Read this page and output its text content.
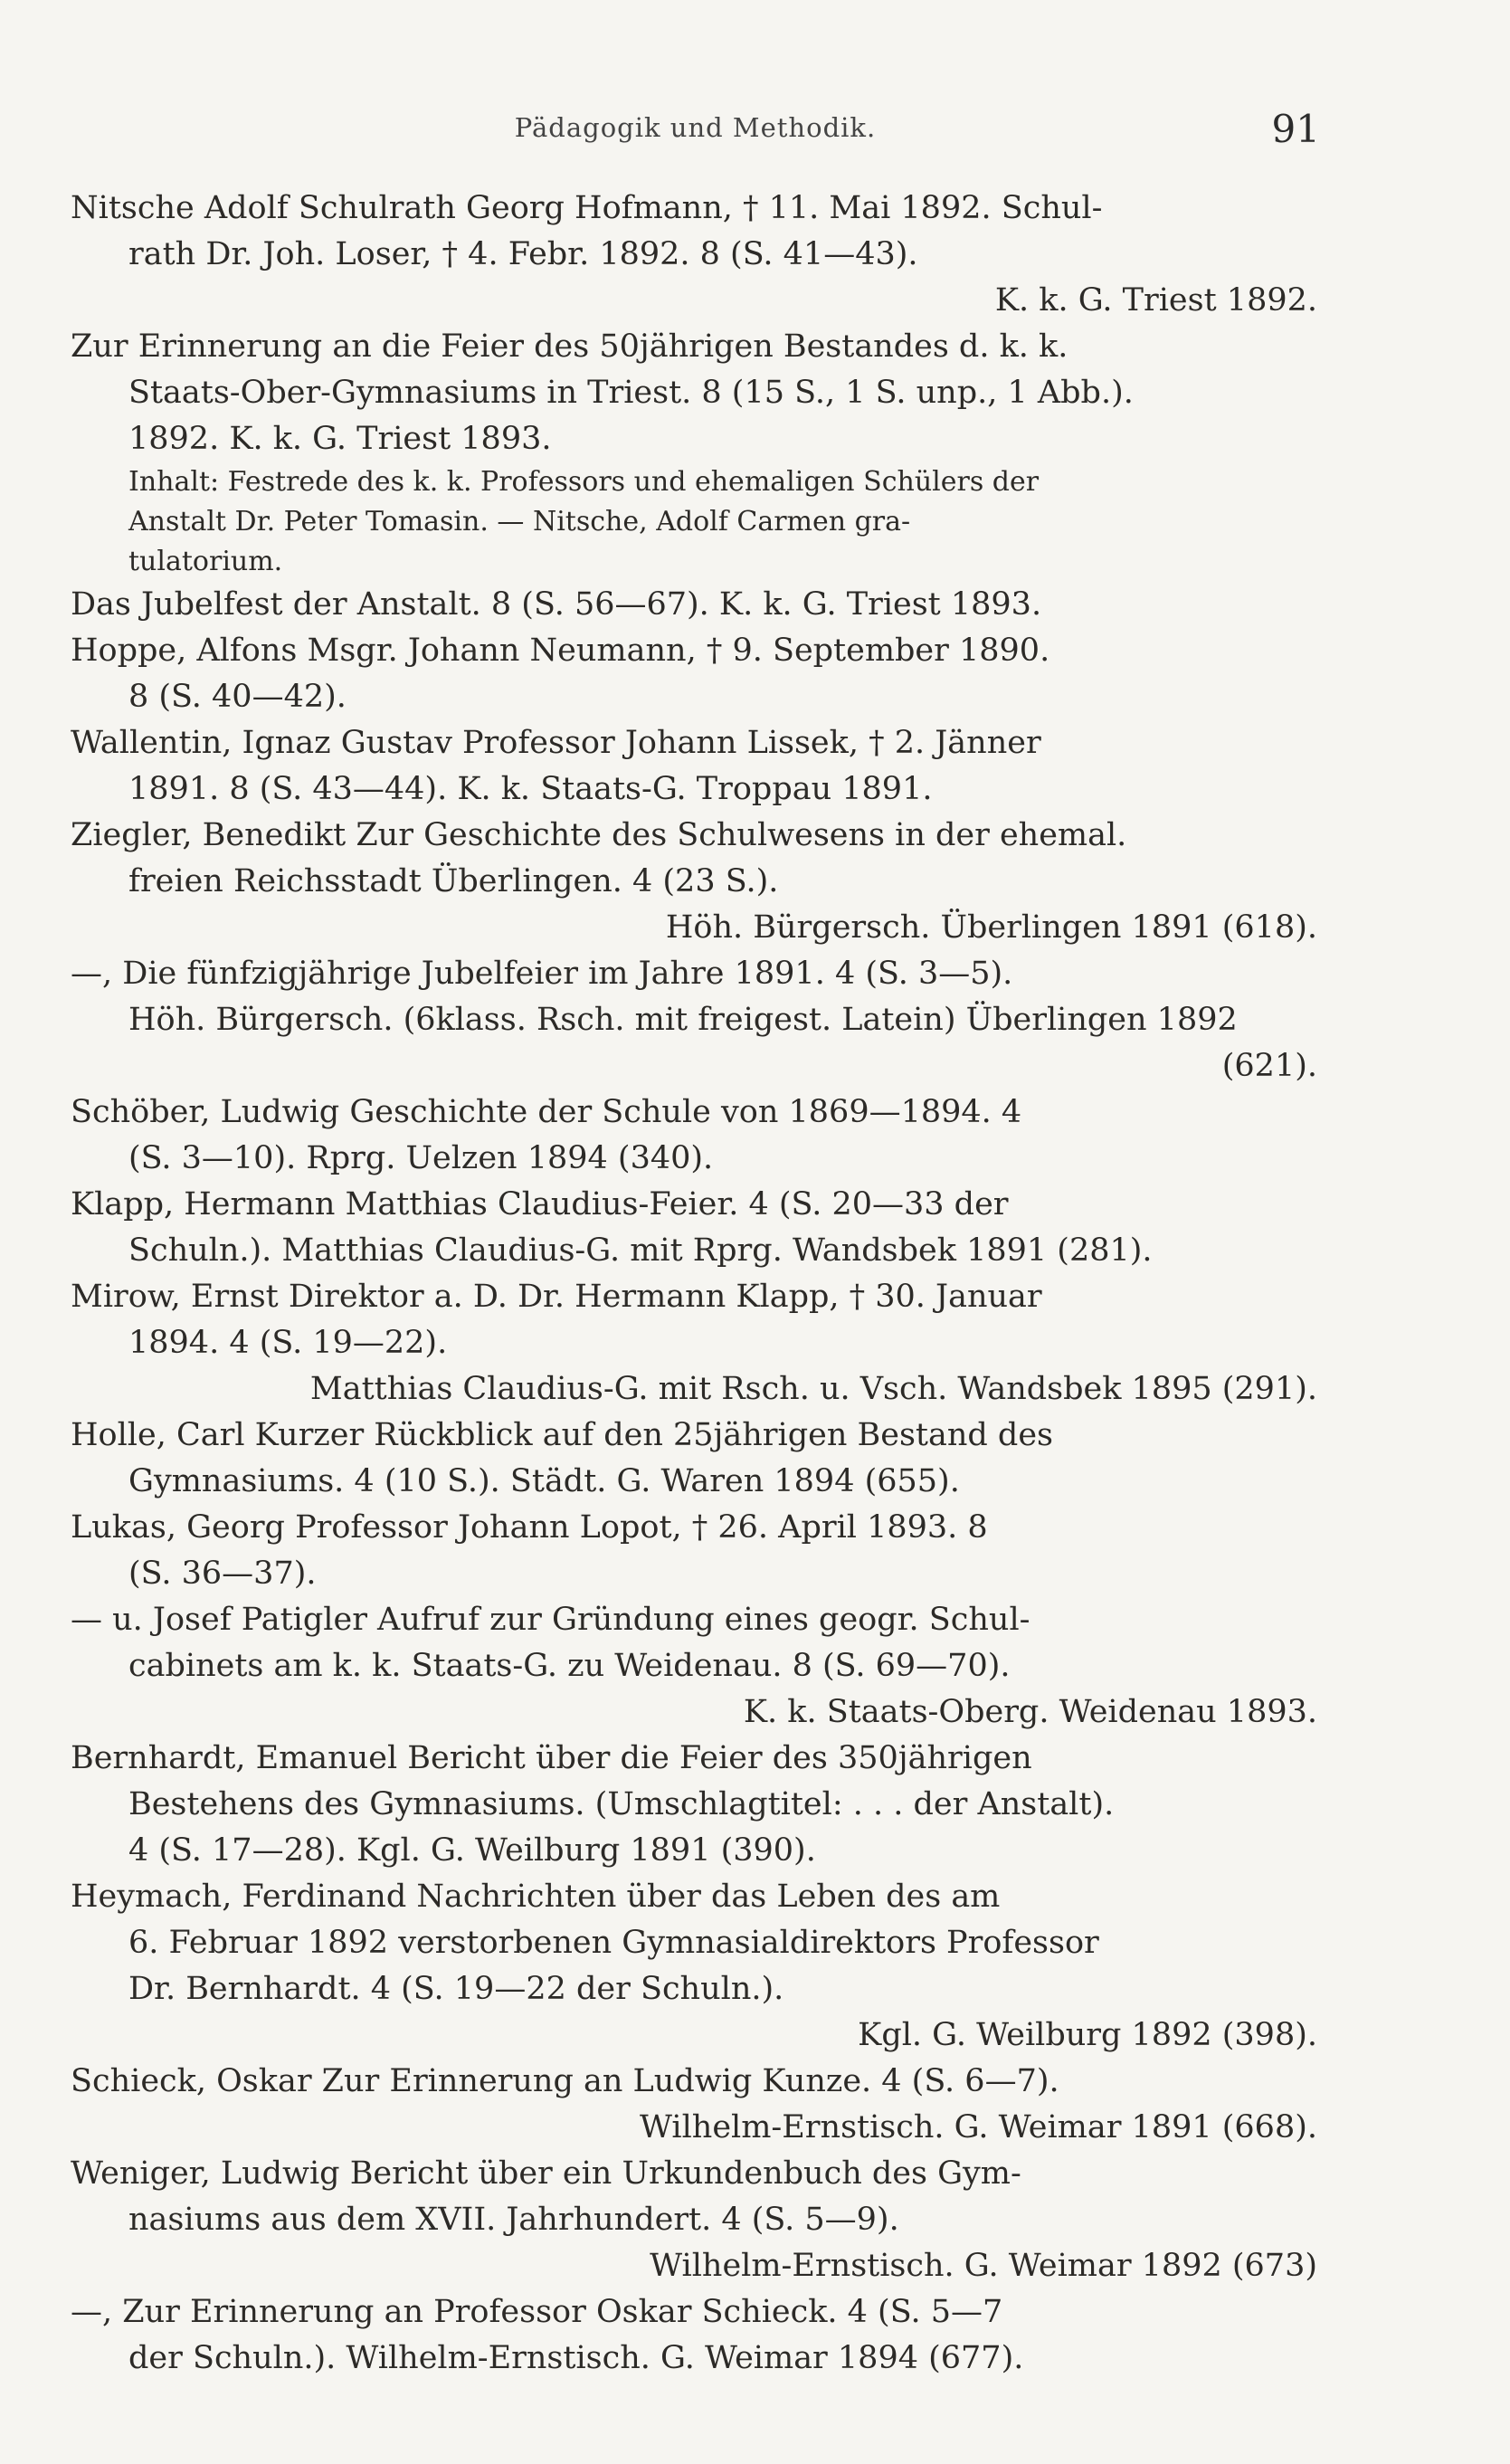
Pädagogik und Methodik.	91
Nitsche Adolf Schulrath Georg Hofmann, † 11. Mai 1892. Schul-
rath Dr. Joh. Loser, † 4. Febr. 1892. 8 (S. 41—43).
K. k. G. Triest 1892.
Zur Erinnerung an die Feier des 50jährigen Bestandes d. k. k.
Staats-Ober-Gymnasiums in Triest. 8 (15 S., 1 S. unp., 1 Abb.).
1892. K. k. G. Triest 1893.
Inhalt: Festrede des k. k. Professors und ehemaligen Schülers der
Anstalt Dr. Peter Tomasin. — Nitsche, Adolf Carmen gra-
tulatorium.
Das Jubelfest der Anstalt. 8 (S. 56—67). K. k. G. Triest 1893.
Hoppe, Alfons Msgr. Johann Neumann, † 9. September 1890.
8 (S. 40—42).
Wallentin, Ignaz Gustav Professor Johann Lissek, † 2. Jänner
1891. 8 (S. 43—44). K. k. Staats-G. Troppau 1891.
Ziegler, Benedikt Zur Geschichte des Schulwesens in der ehemal.
freien Reichsstadt Überlingen. 4 (23 S.).
Höh. Bürgersch. Überlingen 1891 (618).
—, Die fünfzigjährige Jubelfeier im Jahre 1891. 4 (S. 3—5).
Höh. Bürgersch. (6klass. Rsch. mit freigest. Latein) Überlingen 1892
(621).
Schöber, Ludwig Geschichte der Schule von 1869—1894. 4
(S. 3—10). Rprg. Uelzen 1894 (340).
Klapp, Hermann Matthias Claudius-Feier. 4 (S. 20—33 der
Schuln.). Matthias Claudius-G. mit Rprg. Wandsbek 1891 (281).
Mirow, Ernst Direktor a. D. Dr. Hermann Klapp, † 30. Januar
1894. 4 (S. 19—22).
Matthias Claudius-G. mit Rsch. u. Vsch. Wandsbek 1895 (291).
Holle, Carl Kurzer Rückblick auf den 25jährigen Bestand des
Gymnasiums. 4 (10 S.). Städt. G. Waren 1894 (655).
Lukas, Georg Professor Johann Lopot, † 26. April 1893. 8
(S. 36—37).
— u. Josef Patigler Aufruf zur Gründung eines geogr. Schul-
cabinets am k. k. Staats-G. zu Weidenau. 8 (S. 69—70).
K. k. Staats-Oberg. Weidenau 1893.
Bernhardt, Emanuel Bericht über die Feier des 350jährigen
Bestehens des Gymnasiums. (Umschlagtitel: . . . der Anstalt).
4 (S. 17—28). Kgl. G. Weilburg 1891 (390).
Heymach, Ferdinand Nachrichten über das Leben des am
6. Februar 1892 verstorbenen Gymnasialdirektors Professor
Dr. Bernhardt. 4 (S. 19—22 der Schuln.).
Kgl. G. Weilburg 1892 (398).
Schieck, Oskar Zur Erinnerung an Ludwig Kunze. 4 (S. 6—7).
Wilhelm-Ernstisch. G. Weimar 1891 (668).
Weniger, Ludwig Bericht über ein Urkundenbuch des Gym-
nasiums aus dem XVII. Jahrhundert. 4 (S. 5—9).
Wilhelm-Ernstisch. G. Weimar 1892 (673)
—, Zur Erinnerung an Professor Oskar Schieck. 4 (S. 5—7
der Schuln.). Wilhelm-Ernstisch. G. Weimar 1894 (677).
